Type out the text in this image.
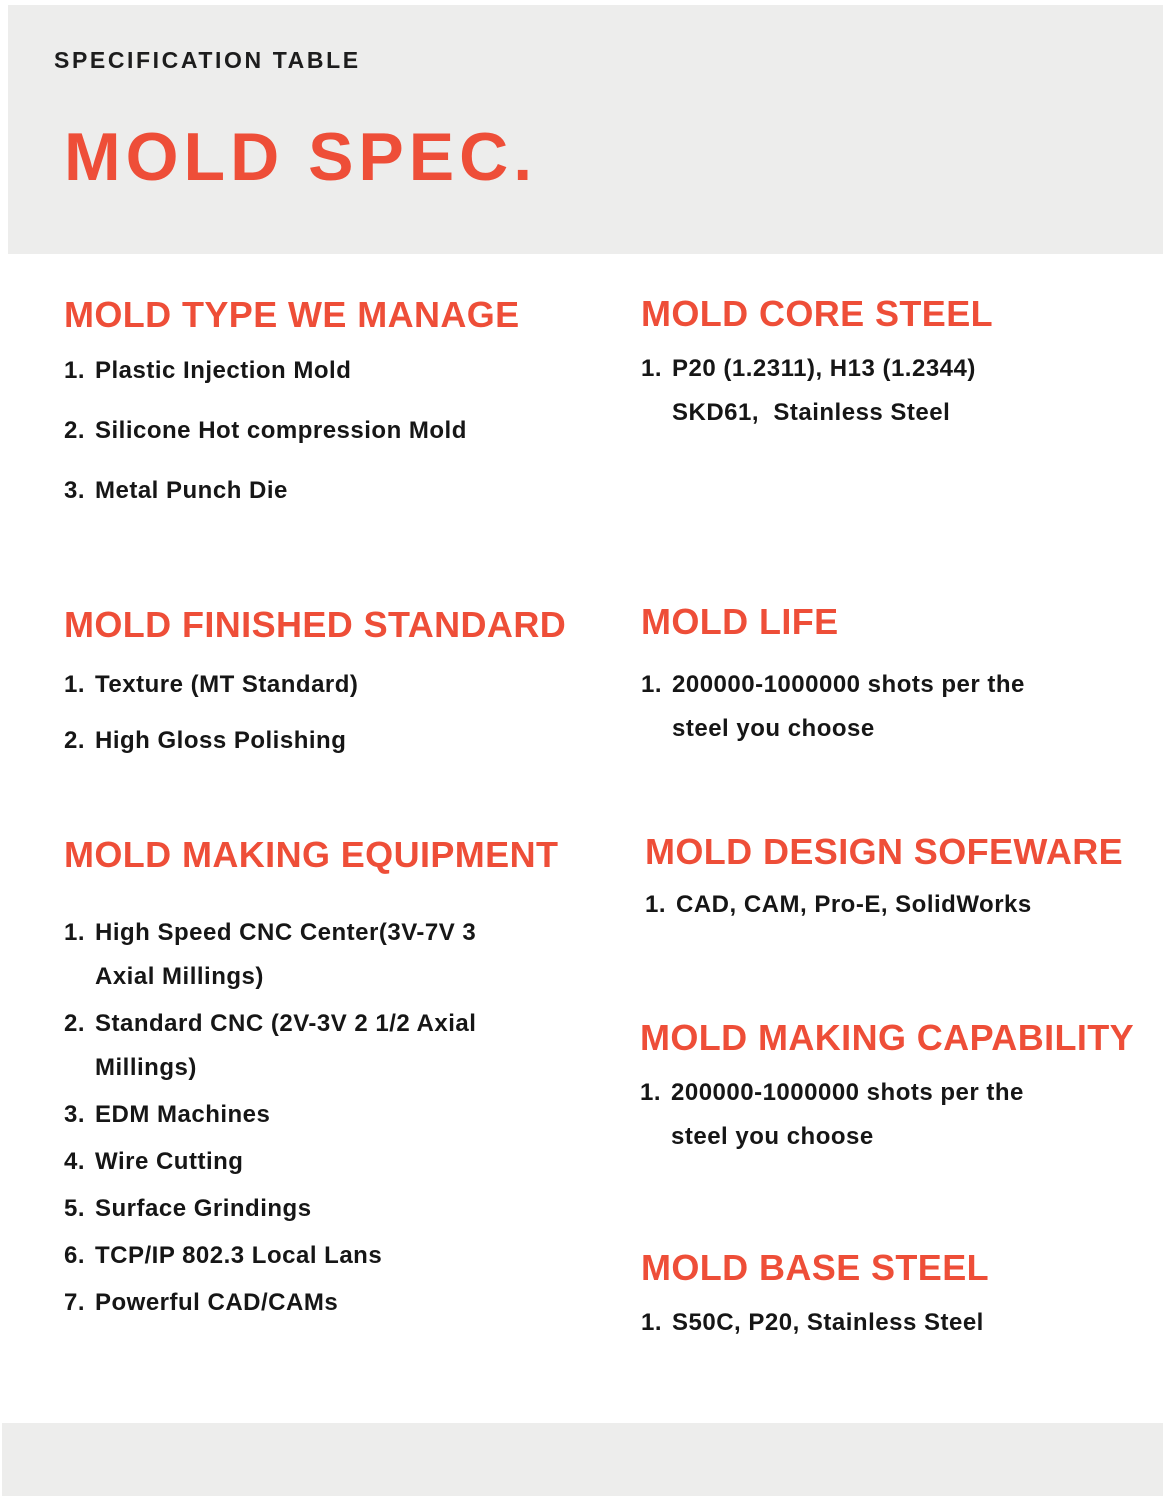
SPECIFICATION TABLE
MOLD SPEC.
MOLD TYPE WE MANAGE
1. Plastic Injection Mold
2. Silicone Hot compression Mold
3. Metal Punch Die
MOLD CORE STEEL
1. P20 (1.2311), H13 (1.2344)
SKD61,  Stainless Steel
MOLD FINISHED STANDARD
1. Texture (MT Standard)
2. High Gloss Polishing
MOLD LIFE
1. 200000-1000000 shots per the
steel you choose
MOLD MAKING EQUIPMENT
1. High Speed CNC Center(3V-7V 3
Axial Millings)
2. Standard CNC (2V-3V 2 1/2 Axial
Millings)
3. EDM Machines
4. Wire Cutting
5. Surface Grindings
6. TCP/IP 802.3 Local Lans
7. Powerful CAD/CAMs
MOLD DESIGN SOFEWARE
1. CAD, CAM, Pro-E, SolidWorks
MOLD MAKING CAPABILITY
1. 200000-1000000 shots per the
steel you choose
MOLD BASE STEEL
1. S50C, P20, Stainless Steel
